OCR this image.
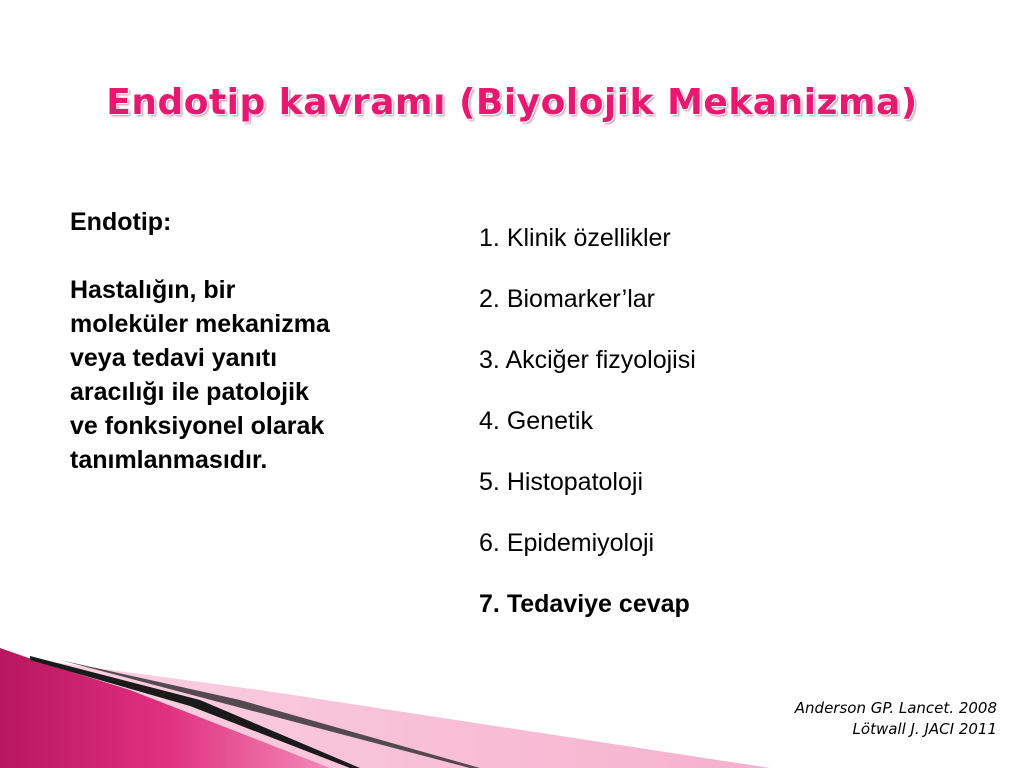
Endotip kavramı (Biyolojik Mekanizma)
Endotip:
Hastalığın, bir
moleküler mekanizma
veya tedavi yanıtı
aracılığı ile patolojik
ve fonksiyonel olarak
tanımlanmasıdır.
1. Klinik özellikler
2. Biomarker’lar
3. Akciğer fizyolojisi
4. Genetik
5. Histopatoloji
6. Epidemiyoloji
7. Tedaviye cevap
Anderson GP. Lancet. 2008
Lötwall J. JACI 2011
